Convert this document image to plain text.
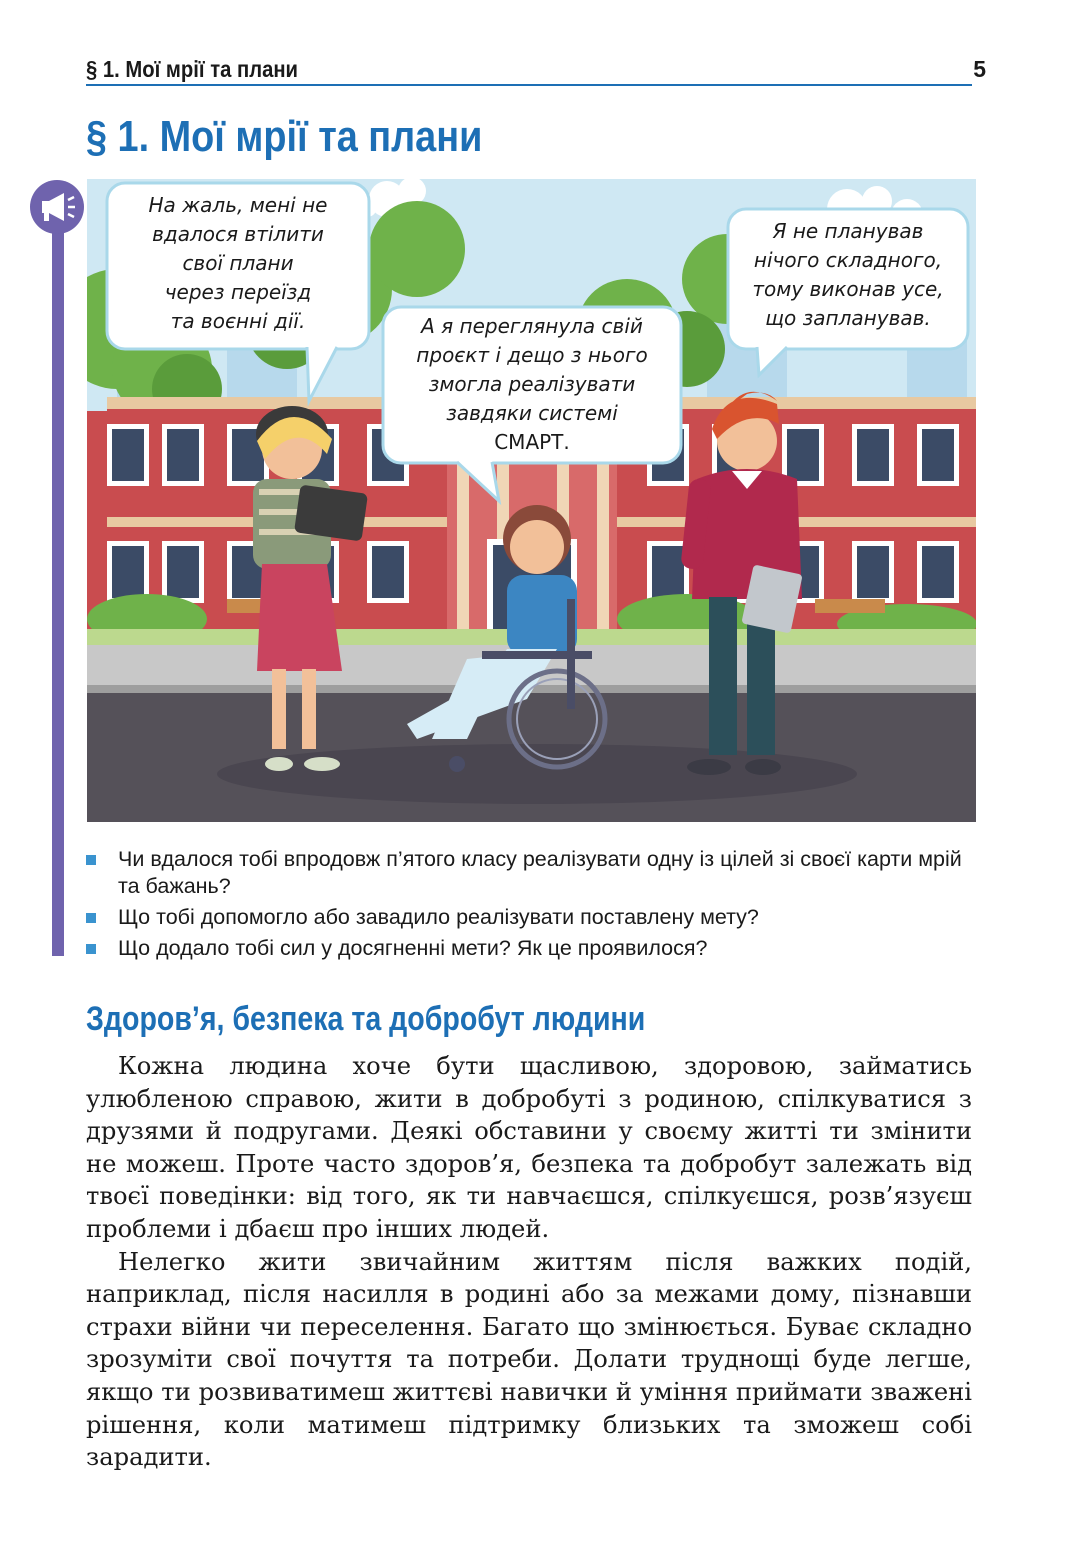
§ 1. Мої мрії та плани	5
§ 1. Мої мрії та плани
На жаль, мені не
вдалося втілити
свої плани
через переїзд
та воєнні дії.	А я переглянула свій
проєкт і дещо з нього
змогла реалізувати
завдяки системі
СМАРТ.
Я не планував
нічого складного,
тому виконав усе,
що запланував.
Чи вдалося тобі впродовж п’ятого класу реалізувати одну із цілей зі своєї карти мрій та бажань?
Що тобі допомогло або завадило реалізувати поставлену мету?
Що додало тобі сил у досягненні мети? Як це проявилося?
Здоров’я, безпека та добробут людини

Кожна людина хоче бути щасливою, здоровою, займатись улюбленою справою, жити в добробуті з родиною, спілкуватися з друзями й подругами. Деякі обставини у своєму житті ти змінити не можеш. Проте часто здоров’я, безпека та добробут залежать від твоєї поведінки: від того, як ти навчаєшся, спілкуєшся, розв’язуєш проблеми і дбаєш про інших людей.

Нелегко жити звичайним життям після важких подій, наприклад, після насилля в родині або за межами дому, пізнавши страхи війни чи переселення. Багато що змінюється. Буває складно зрозуміти свої почуття та потреби. Долати труднощі буде легше, якщо ти розвиватимеш життєві навички й уміння приймати зважені рішення, коли матимеш підтримку близьких та зможеш собі зарадити.
